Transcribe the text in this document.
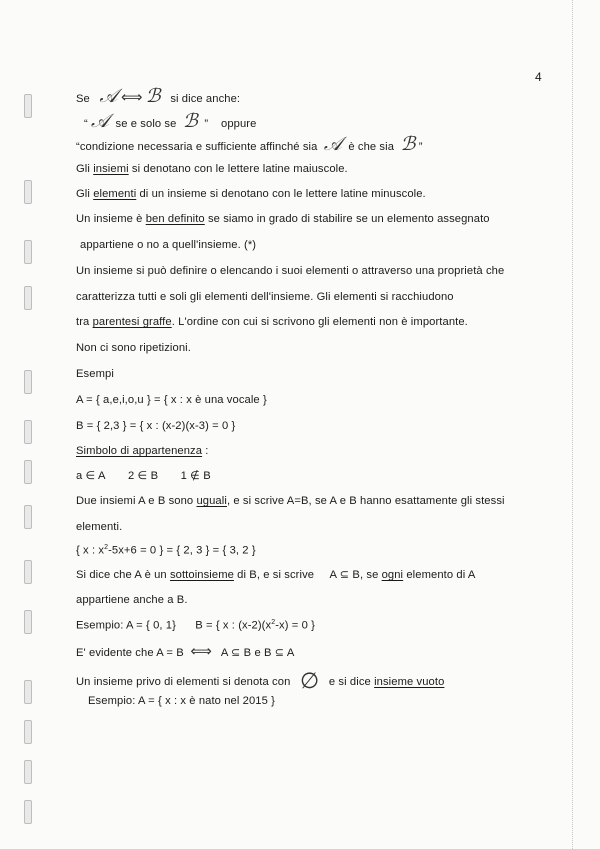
4
Se 𝒜 ⟺ ℬ si dice anche:
“ 𝒜 se e solo se ℬ ” oppure
“condizione necessaria e sufficiente affinché sia 𝒜 è che sia ℬ ”
Gli insiemi si denotano con le lettere latine maiuscole.
Gli elementi di un insieme si denotano con le lettere latine minuscole.
Un insieme è ben definito se siamo in grado di stabilire se un elemento assegnato
appartiene o no a quell'insieme. (*)
Un insieme si può definire o elencando i suoi elementi o attraverso una proprietà che
caratterizza tutti e soli gli elementi dell'insieme. Gli elementi si racchiudono
tra parentesi graffe. L'ordine con cui si scrivono gli elementi non è importante.
Non ci sono ripetizioni.
Esempi
A = { a,e,i,o,u } = { x : x è una vocale }
B = { 2,3 } = { x : (x-2)(x-3) = 0 }
Simbolo di appartenenza :
a ∈ A 2 ∈ B 1 ∉ B
Due insiemi A e B sono uguali, e si scrive A=B, se A e B hanno esattamente gli stessi
elementi.
{ x : $x^2-5x+6 = 0$ } = { 2, 3 } = { 3, 2 }
Si dice che A è un sottoinsieme di B, e si scrive A ⊆ B, se ogni elemento di A
appartiene anche a B.
Esempio: A = { 0, 1} B = { x : $(x-2)(x^2-x) = 0$ }
E' evidente che A = B ⟺ A ⊆ B e B ⊆ A
Un insieme privo di elementi si denota con ∅ e si dice insieme vuoto
Esempio: A = { x : x è nato nel 2015 }
